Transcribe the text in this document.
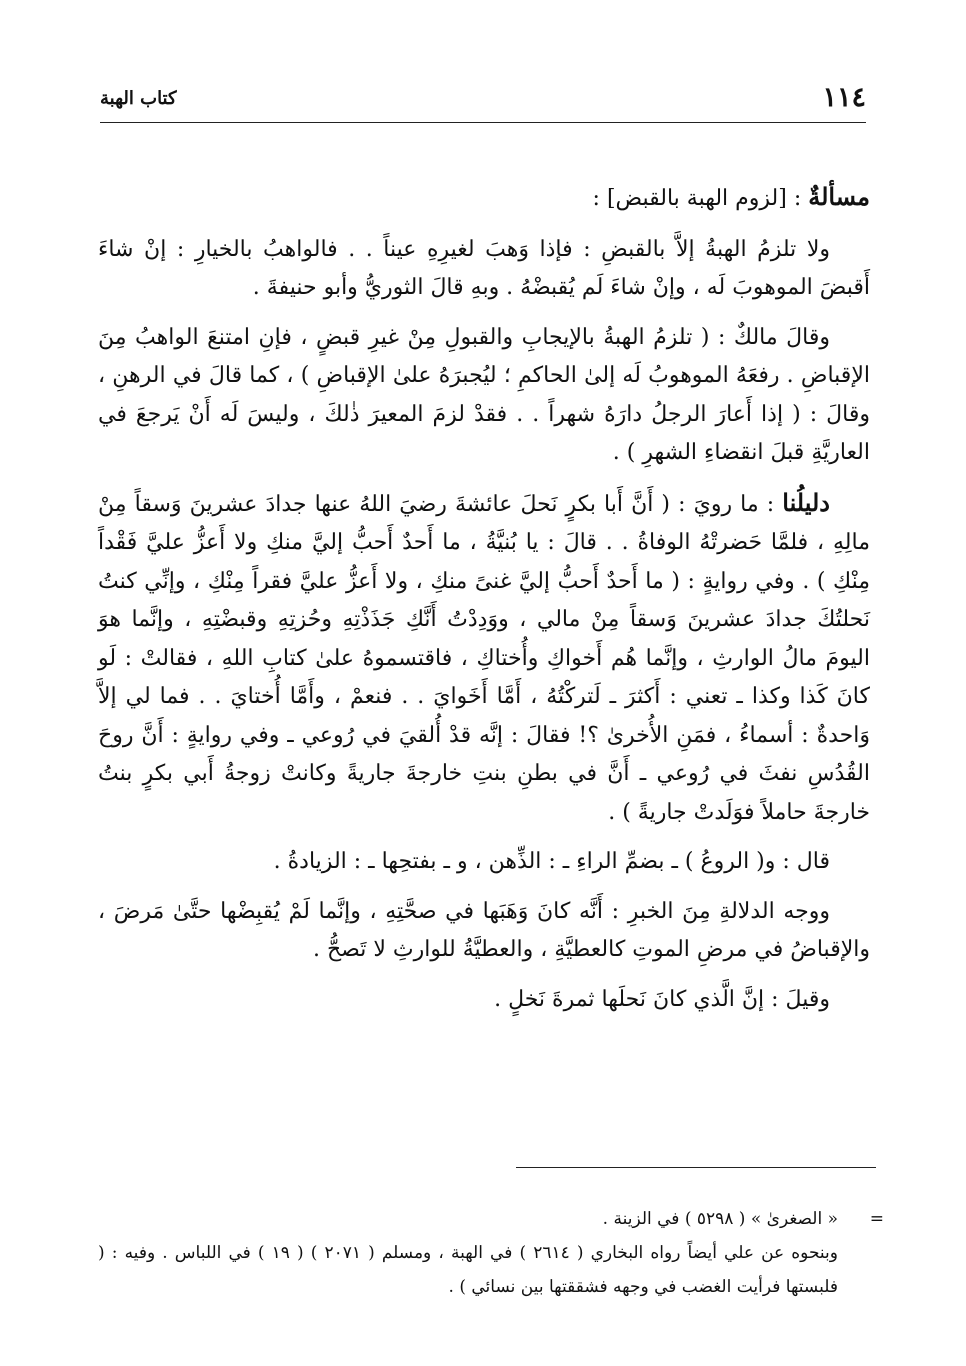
١١٤
كتاب الهبة

مسألةٌ : [لزوم الهبة بالقبض] :

ولا تلزمُ الهبةُ إلاَّ بالقبضِ : فإذا وَهبَ لغيرِهِ عيناً . . فالواهبُ بالخيارِ : إنْ شاءَ أَقبضَ الموهوبَ لَه ، وإنْ شاءَ لَم يُقبضْهُ . وبهِ قالَ الثوريُّ وأبو حنيفةَ .

وقالَ مالكٌ : ( تلزمُ الهبةُ بالإيجابِ والقبولِ مِنْ غيرِ قبضٍ ، فإنِ امتنعَ الواهبُ مِنَ الإقباضِ . رفعَهُ الموهوبُ لَه إلىٰ الحاكمِ ؛ ليُجبرَهُ علىٰ الإقباضِ ) ، كما قالَ في الرهنِ ، وقالَ : ( إذا أَعارَ الرجلُ دارَهُ شهراً . . فقدْ لزمَ المعيرَ ذٰلكَ ، وليسَ لَه أَنْ يَرجعَ في العاريَّةِ قبلَ انقضاءِ الشهرِ ) .

دليلُنا : ما رويَ : ( أَنَّ أَبا بكرٍ نَحلَ عائشةَ رضيَ اللهُ عنها جدادَ عشرينَ وَسقاً مِنْ مالِهِ ، فلمَّا حَضرتْهُ الوفاةُ . . قالَ : يا بُنيَّةُ ، ما أَحدٌ أَحبُّ إليَّ منكِ ولا أَعزُّ عليَّ فَقْداً مِنْكِ ) . وفي روايةٍ : ( ما أَحدٌ أَحبُّ إليَّ غنىً منكِ ، ولا أَعزُّ عليَّ فقراً مِنْكِ ، وإنِّي كنتُ نَحلتُكَ جدادَ عشرينَ وَسقاً مِنْ مالي ، ووَدِدْتُ أَنَّكِ جَذَذْتِهِ وحُزتِهِ وقبضْتِهِ ، وإنَّما هوَ اليومَ مالُ الوارثِ ، وإنَّما هُم أَخواكِ وأُختاكِ ، فاقتسموهُ علىٰ كتابِ اللهِ ، فقالتْ : لَو كانَ كَذا وكذا ـ تعني : أَكثرَ ـ لَتركْتُهُ ، أَمَّا أَخَوايَ . . فنعمْ ، وأَمَّا أُختايَ . . فما لي إلاَّ وَاحدةٌ : أسماءُ ، فمَنِ الأُخرىٰ ؟! فقالَ : إنَّه قدْ أُلقيَ في رُوعي ـ وفي روايةٍ : أَنَّ روحَ القُدُسِ نفثَ في رُوعي ـ أَنَّ في بطنِ بنتِ خارجةَ جاريةً وكانتْ زوجةُ أَبي بكرٍ بنتُ خارجةَ حاملاً فوَلَدتْ جاريةً ) .

قال : و( الروعُ ) ـ بضمِّ الراءِ ـ : الذِّهن ، و ـ بفتحِها ـ : الزيادةُ .

ووجه الدلالةِ مِنَ الخبرِ : أَنَّه كانَ وَهَبَها في صحَّتِهِ ، وإنَّما لَمْ يُقبِضْها حتَّىٰ مَرضَ ، والإقباضُ في مرضِ الموتِ كالعطيَّةِ ، والعطيَّةُ للوارثِ لا تَصحُّ .

وقيلَ : إنَّ الَّذي كانَ نَحلَها ثمرةَ نَخلٍ .

=

« الصغرىٰ » ( ٥٢٩٨ ) في الزينة .

وبنحوه عن علي أيضاً رواه البخاري ( ٢٦١٤ ) في الهبة ، ومسلم ( ٢٠٧١ ) ( ١٩ ) في اللباس . وفيه : ( فلبستها فرأيت الغضب في وجهه فشققتها بين نسائي ) .
